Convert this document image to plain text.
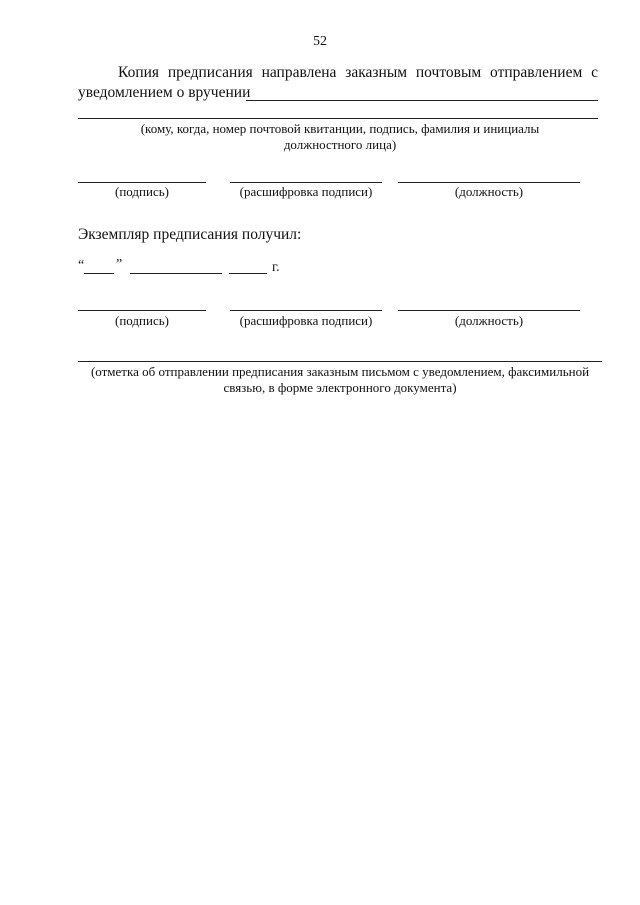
52
Копия предписания направлена заказным почтовым отправлением с
уведомлением о вручении
(кому, когда, номер почтовой квитанции, подпись, фамилия и инициалы должностного лица)
(подпись)	(расшифровка подписи)	(должность)
Экземпляр предписания получил:
“ ”	г.
(подпись)	(расшифровка подписи)	(должность)
(отметка об отправлении предписания заказным письмом с уведомлением, факсимильной связью, в форме электронного документа)
